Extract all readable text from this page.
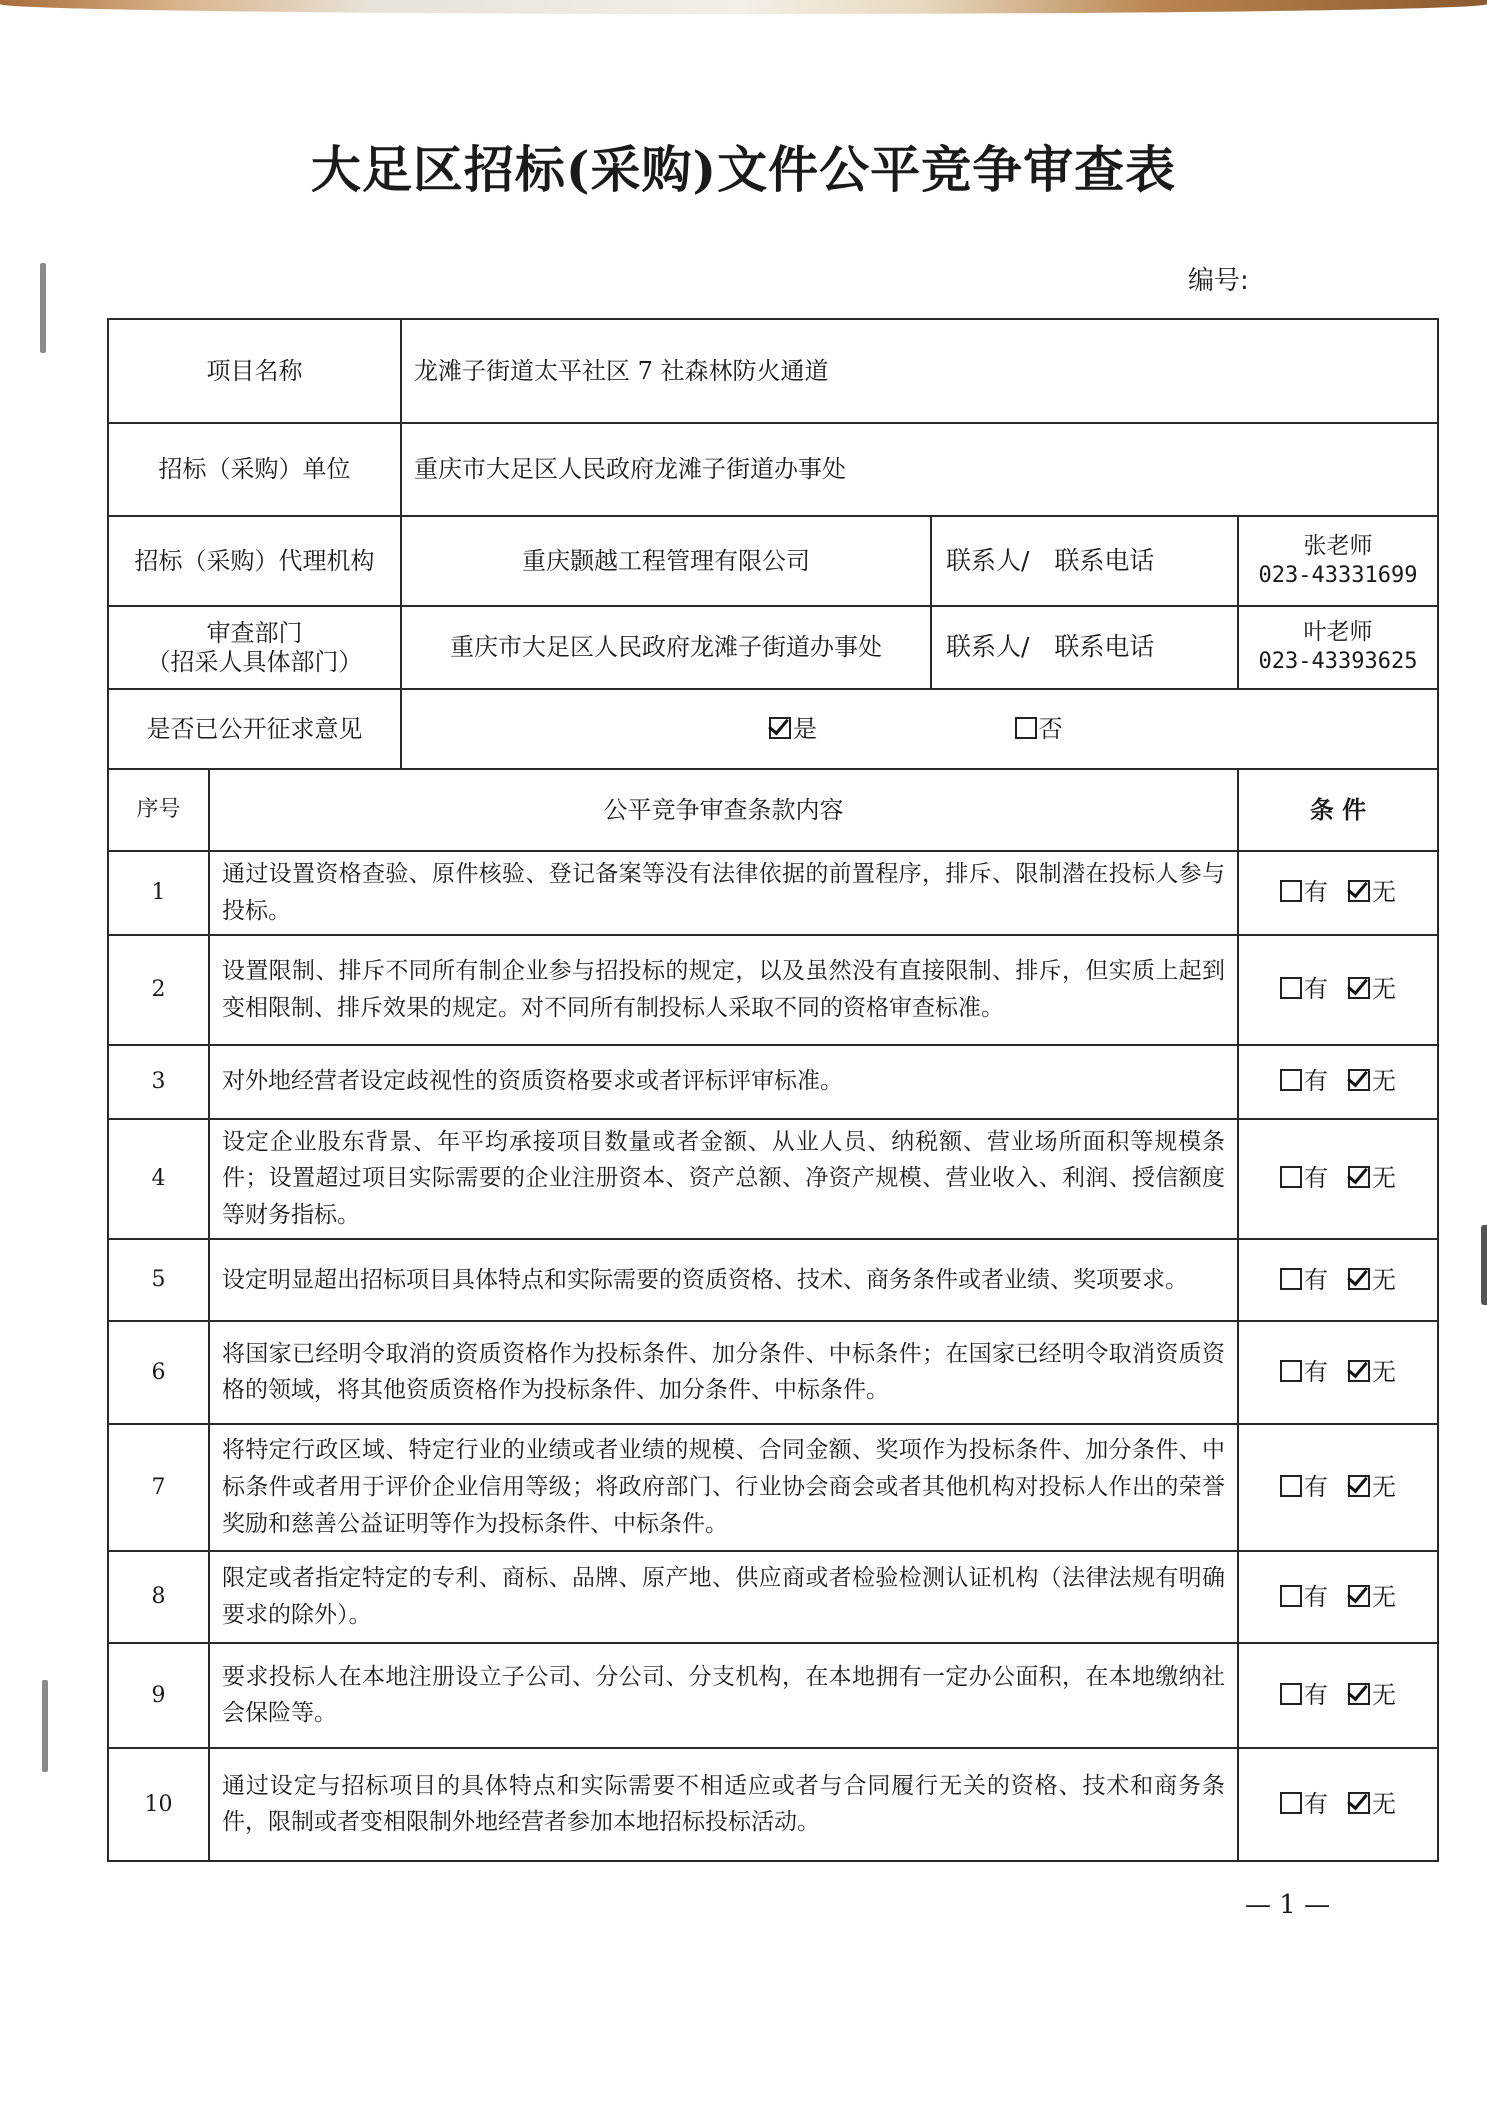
大足区招标(采购)文件公平竞争审查表
编号:
项目名称	龙滩子街道太平社区 7 社森林防火通道		
招标（采购）单位	重庆市大足区人民政府龙滩子街道办事处		
招标（采购）代理机构	重庆颢越工程管理有限公司	联系人/　联系电话	张老师
023-43331699

审查部门
（招采人具体部门）	重庆市大足区人民政府龙滩子街道办事处	联系人/　联系电话	叶老师
023-43393625

是否已公开征求意见	是 否		
序号	公平竞争审查条款内容	条 件
1	通过设置资格查验、原件核验、登记备案等没有法律依据的前置程序，排斥、限制潜在投标人参与投标。	有 无
2	设置限制、排斥不同所有制企业参与招投标的规定，以及虽然没有直接限制、排斥，但实质上起到变相限制、排斥效果的规定。对不同所有制投标人采取不同的资格审查标准。	有 无
3	对外地经营者设定歧视性的资质资格要求或者评标评审标准。	有 无
4	设定企业股东背景、年平均承接项目数量或者金额、从业人员、纳税额、营业场所面积等规模条件；设置超过项目实际需要的企业注册资本、资产总额、净资产规模、营业收入、利润、授信额度等财务指标。	有 无
5	设定明显超出招标项目具体特点和实际需要的资质资格、技术、商务条件或者业绩、奖项要求。	有 无
6	将国家已经明令取消的资质资格作为投标条件、加分条件、中标条件；在国家已经明令取消资质资格的领域，将其他资质资格作为投标条件、加分条件、中标条件。	有 无
7	将特定行政区域、特定行业的业绩或者业绩的规模、合同金额、奖项作为投标条件、加分条件、中标条件或者用于评价企业信用等级；将政府部门、行业协会商会或者其他机构对投标人作出的荣誉奖励和慈善公益证明等作为投标条件、中标条件。	有 无
8	限定或者指定特定的专利、商标、品牌、原产地、供应商或者检验检测认证机构（法律法规有明确要求的除外）。	有 无
9	要求投标人在本地注册设立子公司、分公司、分支机构，在本地拥有一定办公面积，在本地缴纳社会保险等。	有 无
10	通过设定与招标项目的具体特点和实际需要不相适应或者与合同履行无关的资格、技术和商务条件，限制或者变相限制外地经营者参加本地招标投标活动。	有 无
— 1 —
